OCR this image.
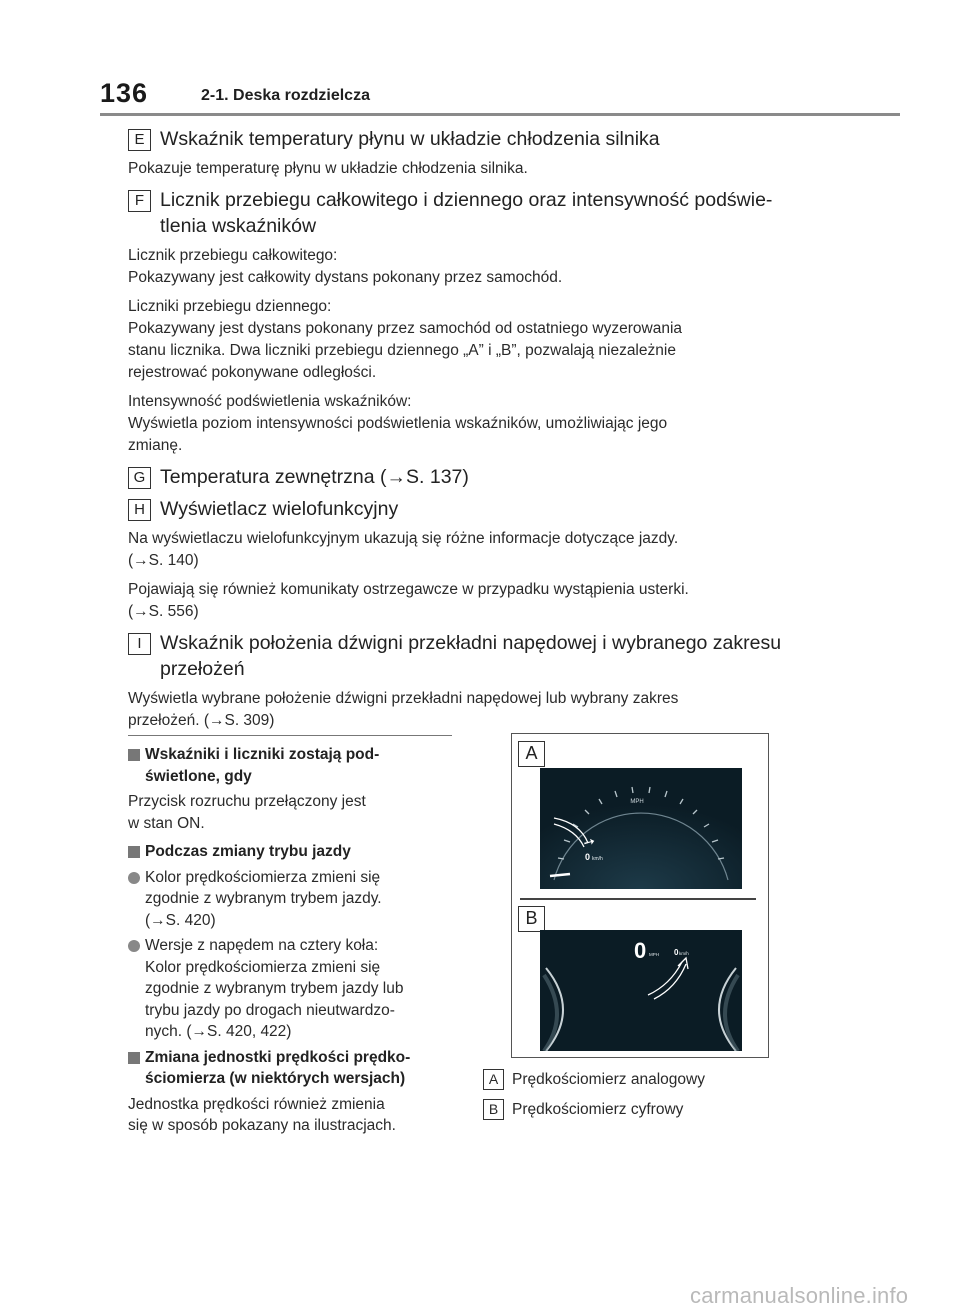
136	2-1. Deska rozdzielcza
E Wskaźnik temperatury płynu w układzie chłodzenia silnika
Pokazuje temperaturę płynu w układzie chłodzenia silnika.
F Licznik przebiegu całkowitego i dziennego oraz intensywność podświe-
tlenia wskaźników
Licznik przebiegu całkowitego:
Pokazywany jest całkowity dystans pokonany przez samochód.
Liczniki przebiegu dziennego:
Pokazywany jest dystans pokonany przez samochód od ostatniego wyzerowania
stanu licznika. Dwa liczniki przebiegu dziennego „A” i „B”, pozwalają niezależnie
rejestrować pokonywane odległości.
Intensywność podświetlenia wskaźników:
Wyświetla poziom intensywności podświetlenia wskaźników, umożliwiając jego
zmianę.
G Temperatura zewnętrzna (→S. 137)
H Wyświetlacz wielofunkcyjny
Na wyświetlaczu wielofunkcyjnym ukazują się różne informacje dotyczące jazdy.
(→S. 140)
Pojawiają się również komunikaty ostrzegawcze w przypadku wystąpienia usterki.
(→S. 556)
I Wskaźnik położenia dźwigni przekładni napędowej i wybranego zakresu
przełożeń
Wyświetla wybrane położenie dźwigni przekładni napędowej lub wybrany zakres
przełożeń. (→S. 309)
Wskaźniki i liczniki zostają pod-
świetlone, gdy
Przycisk rozruchu przełączony jest
w stan ON.
Podczas zmiany trybu jazdy
Kolor prędkościomierza zmieni się
zgodnie z wybranym trybem jazdy.
(→S. 420)
Wersje z napędem na cztery koła:
Kolor prędkościomierza zmieni się
zgodnie z wybranym trybem jazdy lub
trybu jazdy po drogach nieutwardzo-
nych. (→S. 420, 422)
Zmiana jednostki prędkości prędko-
ściomierza (w niektórych wersjach)
Jednostka prędkości również zmienia
się w sposób pokazany na ilustracjach.
A
MPH
➚
0 km/h
B
0 MPH 0 km/h
A Prędkościomierz analogowy
B Prędkościomierz cyfrowy
carmanualsonline.info
